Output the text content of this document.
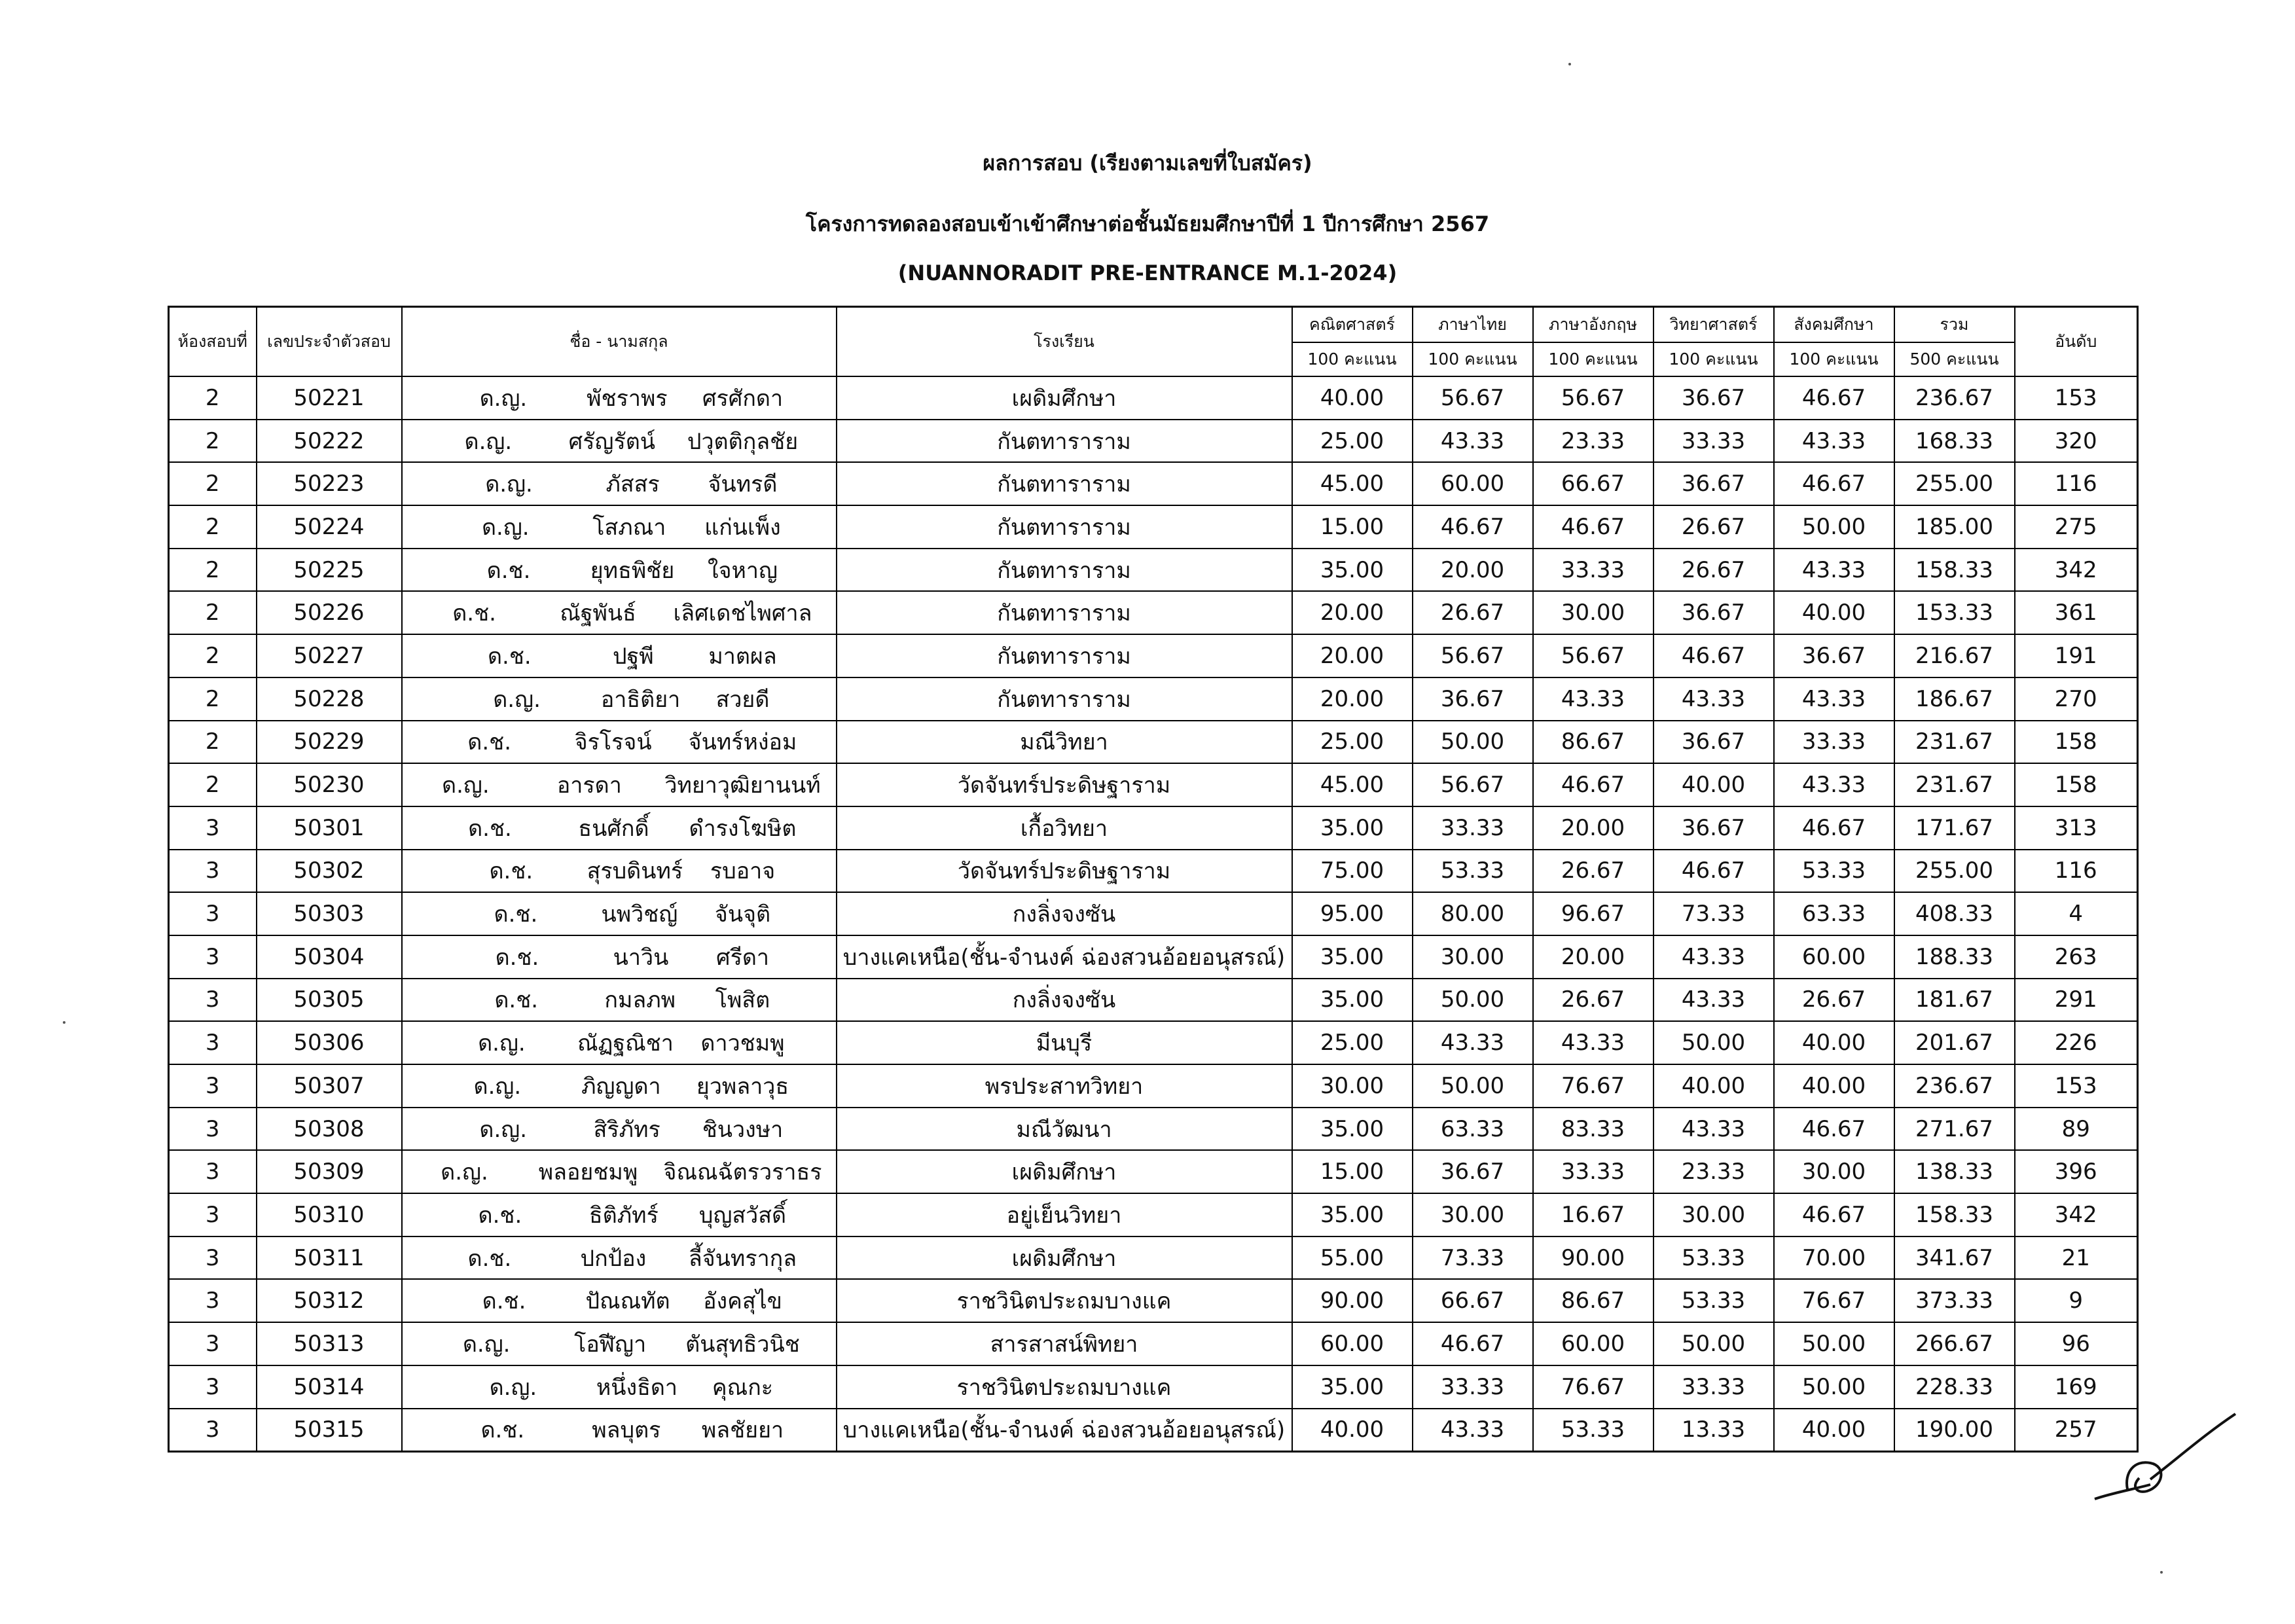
ผลการสอบ (เรียงตามเลขที่ใบสมัคร)
โครงการทดลองสอบเข้าเข้าศึกษาต่อชั้นมัธยมศึกษาปีที่ 1 ปีการศึกษา 2567
(NUANNORADIT PRE-ENTRANCE M.1-2024)
ห้องสอบที่	เลขประจำตัวสอบ	ชื่อ - นามสกุล	โรงเรียน	คณิตศาสตร์	ภาษาไทย	ภาษาอังกฤษ	วิทยาศาสตร์	สังคมศึกษา	รวม	อันดับ
				100 คะแนน	100 คะแนน	100 คะแนน	100 คะแนน	100 คะแนน	500 คะแนน	
2	50221	ด.ญ. พัชราพร ศรศักดา	เผดิมศึกษา	40.00	56.67	56.67	36.67	46.67	236.67	153
2	50222	ด.ญ. ศรัญรัตน์ ปวุตติกุลชัย	กันตทาราราม	25.00	43.33	23.33	33.33	43.33	168.33	320
2	50223	ด.ญ. ภัสสร จันทรดี	กันตทาราราม	45.00	60.00	66.67	36.67	46.67	255.00	116
2	50224	ด.ญ. โสภณา แก่นเพ็ง	กันตทาราราม	15.00	46.67	46.67	26.67	50.00	185.00	275
2	50225	ด.ช. ยุทธพิชัย ใจหาญ	กันตทาราราม	35.00	20.00	33.33	26.67	43.33	158.33	342
2	50226	ด.ช. ณัฐพันธ์ เลิศเดชไพศาล	กันตทาราราม	20.00	26.67	30.00	36.67	40.00	153.33	361
2	50227	ด.ช. ปฐพี มาตผล	กันตทาราราม	20.00	56.67	56.67	46.67	36.67	216.67	191
2	50228	ด.ญ. อาธิติยา สวยดี	กันตทาราราม	20.00	36.67	43.33	43.33	43.33	186.67	270
2	50229	ด.ช. จิรโรจน์ จันทร์หง่อม	มณีวิทยา	25.00	50.00	86.67	36.67	33.33	231.67	158
2	50230	ด.ญ. อารดา วิทยาวุฒิยานนท์	วัดจันทร์ประดิษฐาราม	45.00	56.67	46.67	40.00	43.33	231.67	158
3	50301	ด.ช. ธนศักดิ์ ดำรงโฆษิต	เกื้อวิทยา	35.00	33.33	20.00	36.67	46.67	171.67	313
3	50302	ด.ช. สุรบดินทร์ รบอาจ	วัดจันทร์ประดิษฐาราม	75.00	53.33	26.67	46.67	53.33	255.00	116
3	50303	ด.ช. นพวิชญ์ จันจุติ	กงลิ่งจงซัน	95.00	80.00	96.67	73.33	63.33	408.33	4
3	50304	ด.ช. นาวิน ศรีดา	บางแคเหนือ(ชั้น-จำนงค์ ฉ่องสวนอ้อยอนุสรณ์)	35.00	30.00	20.00	43.33	60.00	188.33	263
3	50305	ด.ช. กมลภพ โพสิต	กงลิ่งจงซัน	35.00	50.00	26.67	43.33	26.67	181.67	291
3	50306	ด.ญ. ณัฏฐณิชา ดาวชมพู	มีนบุรี	25.00	43.33	43.33	50.00	40.00	201.67	226
3	50307	ด.ญ. ภิญญดา ยุวพลาวุธ	พรประสาทวิทยา	30.00	50.00	76.67	40.00	40.00	236.67	153
3	50308	ด.ญ. สิริภัทร ชินวงษา	มณีวัฒนา	35.00	63.33	83.33	43.33	46.67	271.67	89
3	50309	ด.ญ. พลอยชมพู จิณณฉัตรวราธร	เผดิมศึกษา	15.00	36.67	33.33	23.33	30.00	138.33	396
3	50310	ด.ช. ธิติภัทร์ บุญสวัสดิ์	อยู่เย็นวิทยา	35.00	30.00	16.67	30.00	46.67	158.33	342
3	50311	ด.ช. ปกป้อง ลี้จันทรากุล	เผดิมศึกษา	55.00	73.33	90.00	53.33	70.00	341.67	21
3	50312	ด.ช. ปัณณทัต อังคสุไข	ราชวินิตประถมบางแค	90.00	66.67	86.67	53.33	76.67	373.33	9
3	50313	ด.ญ. โอฬีญา ตันสุทธิวนิช	สารสาสน์พิทยา	60.00	46.67	60.00	50.00	50.00	266.67	96
3	50314	ด.ญ. หนึ่งธิดา คุณกะ	ราชวินิตประถมบางแค	35.00	33.33	76.67	33.33	50.00	228.33	169
3	50315	ด.ช. พลบุตร พลชัยยา	บางแคเหนือ(ชั้น-จำนงค์ ฉ่องสวนอ้อยอนุสรณ์)	40.00	43.33	53.33	13.33	40.00	190.00	257
